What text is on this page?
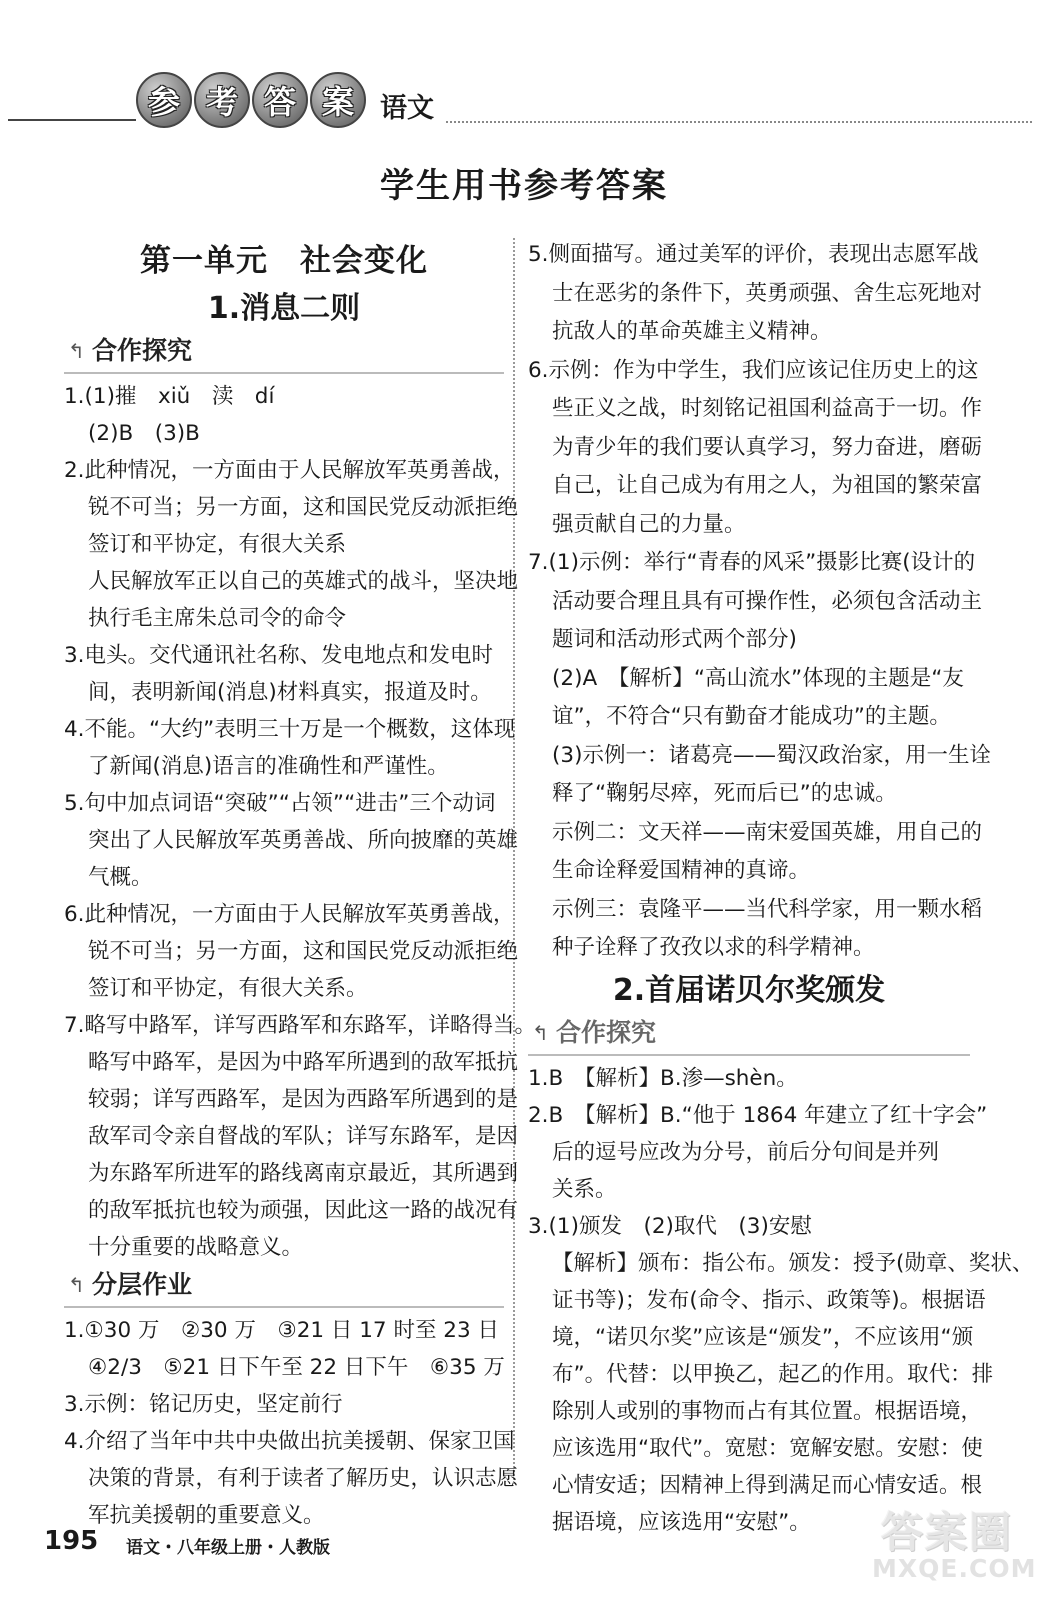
参 考 答 案 语文
学生用书参考答案
第一单元　社会变化
1.消息二则
↰ 合作探究
1.(1)摧　xiǔ　渎　dí
(2)B　(3)B
2.此种情况，一方面由于人民解放军英勇善战，
锐不可当；另一方面，这和国民党反动派拒绝
签订和平协定，有很大关系
人民解放军正以自己的英雄式的战斗，坚决地
执行毛主席朱总司令的命令
3.电头。交代通讯社名称、发电地点和发电时
间，表明新闻(消息)材料真实，报道及时。
4.不能。“大约”表明三十万是一个概数，这体现
了新闻(消息)语言的准确性和严谨性。
5.句中加点词语“突破”“占领”“进击”三个动词
突出了人民解放军英勇善战、所向披靡的英雄
气概。
6.此种情况，一方面由于人民解放军英勇善战，
锐不可当；另一方面，这和国民党反动派拒绝
签订和平协定，有很大关系。
7.略写中路军，详写西路军和东路军，详略得当。
略写中路军，是因为中路军所遇到的敌军抵抗
较弱；详写西路军，是因为西路军所遇到的是
敌军司令亲自督战的军队；详写东路军，是因
为东路军所进军的路线离南京最近，其所遇到
的敌军抵抗也较为顽强，因此这一路的战况有
十分重要的战略意义。
↰ 分层作业
1.①30 万　②30 万　③21 日 17 时至 23 日
④2/3　⑤21 日下午至 22 日下午　⑥35 万
3.示例：铭记历史，坚定前行
4.介绍了当年中共中央做出抗美援朝、保家卫国
决策的背景，有利于读者了解历史，认识志愿
军抗美援朝的重要意义。
5.侧面描写。通过美军的评价，表现出志愿军战
士在恶劣的条件下，英勇顽强、舍生忘死地对
抗敌人的革命英雄主义精神。
6.示例：作为中学生，我们应该记住历史上的这
些正义之战，时刻铭记祖国利益高于一切。作
为青少年的我们要认真学习，努力奋进，磨砺
自己，让自己成为有用之人，为祖国的繁荣富
强贡献自己的力量。
7.(1)示例：举行“青春的风采”摄影比赛(设计的
活动要合理且具有可操作性，必须包含活动主
题词和活动形式两个部分)
(2)A　【解析】“高山流水”体现的主题是“友
谊”，不符合“只有勤奋才能成功”的主题。
(3)示例一：诸葛亮——蜀汉政治家，用一生诠
释了“鞠躬尽瘁，死而后已”的忠诚。
示例二：文天祥——南宋爱国英雄，用自己的
生命诠释爱国精神的真谛。
示例三：袁隆平——当代科学家，用一颗水稻
种子诠释了孜孜以求的科学精神。
2.首届诺贝尔奖颁发
↰ 合作探究
1.B　【解析】B.渗—shèn。
2.B　【解析】B.“他于 1864 年建立了红十字会”
后的逗号应改为分号，前后分句间是并列
关系。
3.(1)颁发　(2)取代　(3)安慰
【解析】颁布：指公布。颁发：授予(勋章、奖状、
证书等)；发布(命令、指示、政策等)。根据语
境，“诺贝尔奖”应该是“颁发”，不应该用“颁
布”。代替：以甲换乙，起乙的作用。取代：排
除别人或别的事物而占有其位置。根据语境，
应该选用“取代”。宽慰：宽解安慰。安慰：使
心情安适；因精神上得到满足而心情安适。根
据语境，应该选用“安慰”。
195 语文・八年级上册・人教版	答案圈
MXQE.COM
